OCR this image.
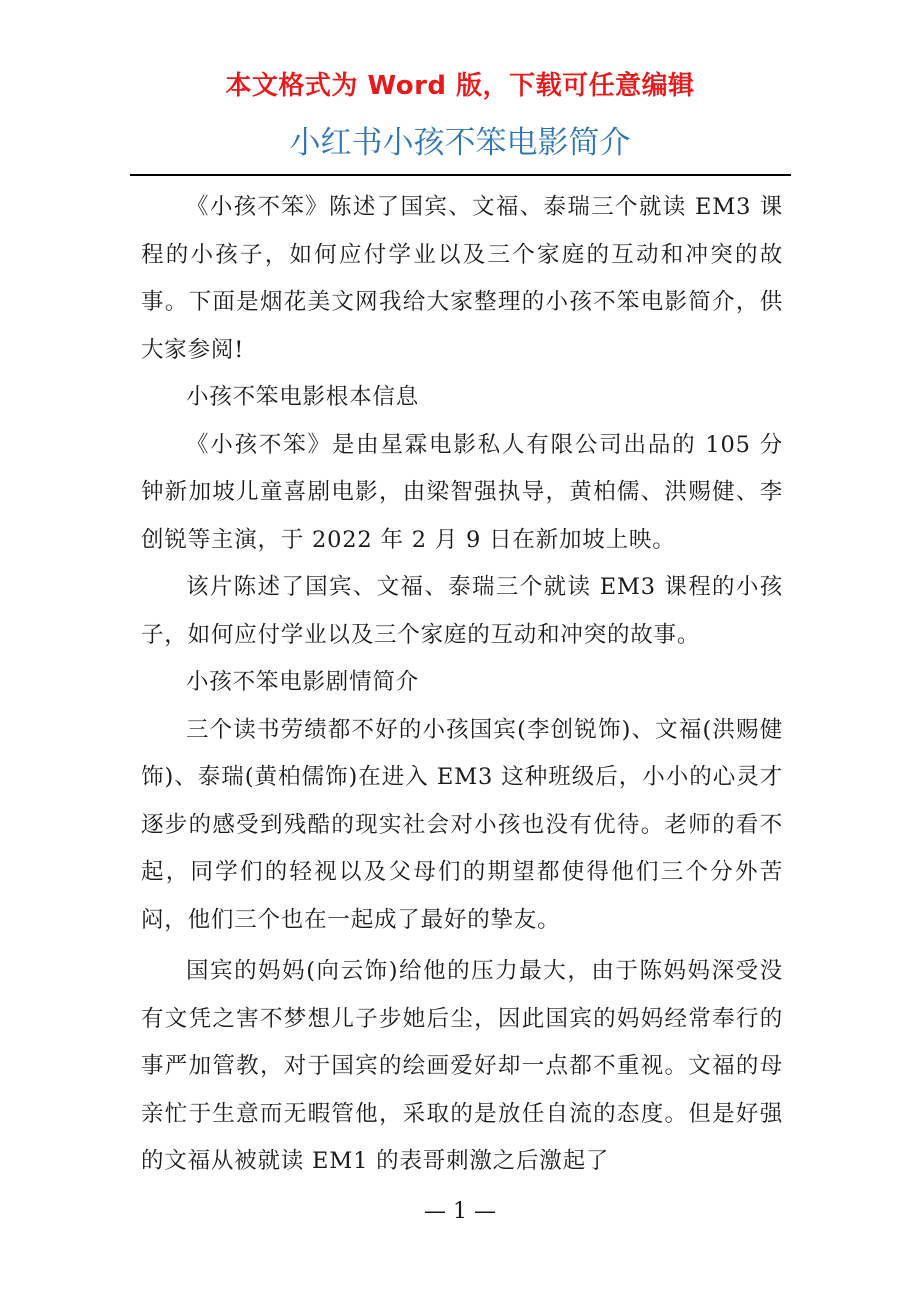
本文格式为 Word 版，下载可任意编辑
小红书小孩不笨电影简介

《小孩不笨》陈述了国宾、文福、泰瑞三个就读 EM3 课程的小孩子，如何应付学业以及三个家庭的互动和冲突的故事。下面是烟花美文网我给大家整理的小孩不笨电影简介，供大家参阅!

小孩不笨电影根本信息

《小孩不笨》是由星霖电影私人有限公司出品的 105 分钟新加坡儿童喜剧电影，由梁智强执导，黄柏儒、洪赐健、李创锐等主演，于 2022 年 2 月 9 日在新加坡上映。

该片陈述了国宾、文福、泰瑞三个就读 EM3 课程的小孩子，如何应付学业以及三个家庭的互动和冲突的故事。

小孩不笨电影剧情简介

三个读书劳绩都不好的小孩国宾(李创锐饰)、文福(洪赐健饰)、泰瑞(黄柏儒饰)在进入 EM3 这种班级后，小小的心灵才逐步的感受到残酷的现实社会对小孩也没有优待。老师的看不起，同学们的轻视以及父母们的期望都使得他们三个分外苦闷，他们三个也在一起成了最好的挚友。

国宾的妈妈(向云饰)给他的压力最大，由于陈妈妈深受没有文凭之害不梦想儿子步她后尘，因此国宾的妈妈经常奉行的事严加管教，对于国宾的绘画爱好却一点都不重视。文福的母亲忙于生意而无暇管他，采取的是放任自流的态度。但是好强的文福从被就读 EM1 的表哥刺激之后激起了

— 1 —
